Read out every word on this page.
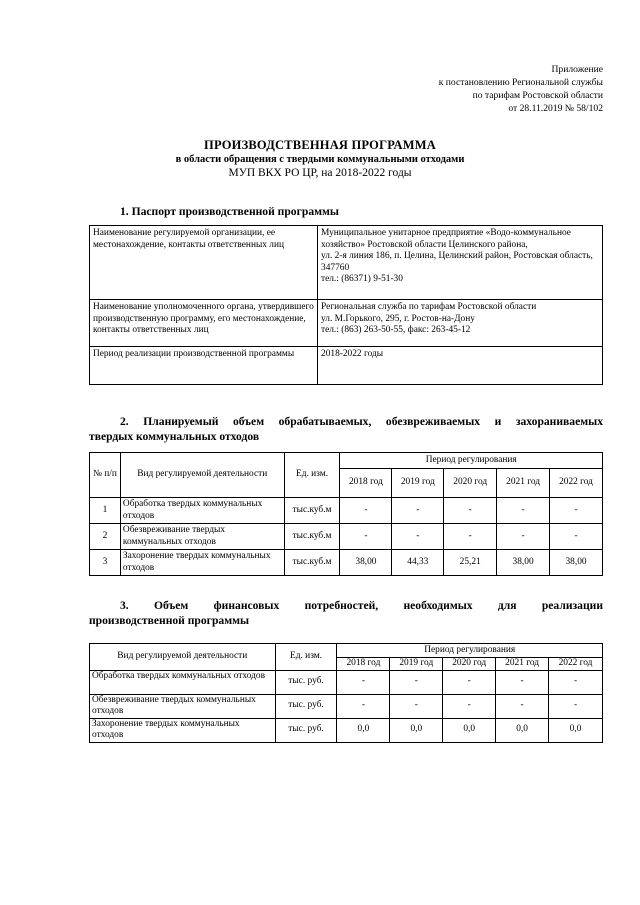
Приложение
к постановлению Региональной службы
по тарифам Ростовской области
от 28.11.2019 № 58/102
ПРОИЗВОДСТВЕННАЯ ПРОГРАММА
в области обращения с твердыми коммунальными отходами
МУП ВКХ РО ЦР, на 2018-2022 годы
1. Паспорт производственной программы
Наименование регулируемой организации, ее местонахождение, контакты ответственных лиц	Муниципальное унитарное предприятие «Водо-коммунальное хозяйство» Ростовской области Целинского района,
ул. 2-я линия 186, п. Целина, Целинский район, Ростовская область, 347760
тел.: (86371) 9-51-30

Наименование уполномоченного органа, утвердившего производственную программу, его местонахождение, контакты ответственных лиц	Региональная служба по тарифам Ростовской области
ул. М.Горького, 295, г. Ростов-на-Дону
тел.: (863) 263-50-55, факс: 263-45-12

Период реализации производственной программы	2018-2022 годы
2. Планируемый объем обрабатываемых, обезвреживаемых и захораниваемых
твердых коммунальных отходов
№ п/п	Вид регулируемой деятельности	Ед. изм.	Период регулирования				
			2018 год	2019 год	2020 год	2021 год	2022 год
1	Обработка твердых коммунальных отходов	тыс.куб.м	-	-	-	-	-
2	Обезвреживание твердых коммунальных отходов	тыс.куб.м	-	-	-	-	-
3	Захоронение твердых коммунальных отходов	тыс.куб.м	38,00	44,33	25,21	38,00	38,00
3. Объем финансовых потребностей, необходимых для реализации
производственной программы
Вид регулируемой деятельности	Ед. изм.	Период регулирования				
		2018 год	2019 год	2020 год	2021 год	2022 год
Обработка твердых коммунальных отходов	тыс. руб.	-	-	-	-	-
Обезвреживание твердых коммунальных отходов	тыс. руб.	-	-	-	-	-
Захоронение твердых коммунальных отходов	тыс. руб.	0,0	0,0	0,0	0,0	0,0
